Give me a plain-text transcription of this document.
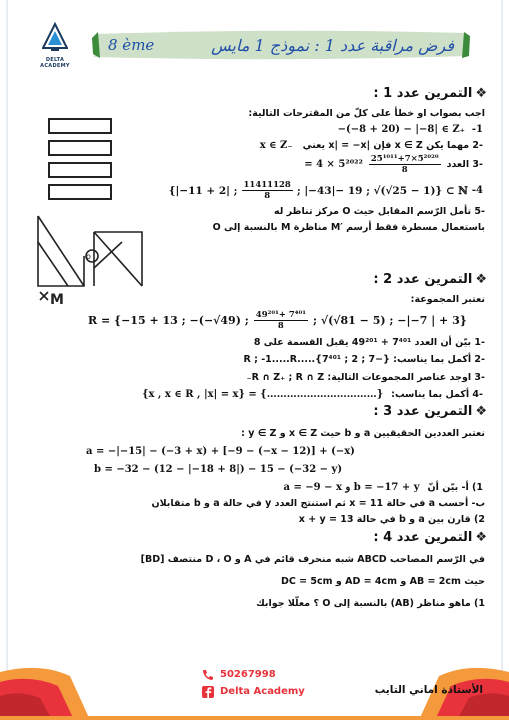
DELTA ACADEMY
8 ème	فرض مراقبة عدد 1 : نموذج 1 مايس
❖التمرين عدد 1 :
اجب بصواب او خطأ على كلّ من المقترحات التالية:
−(−8 + 20) − |−8| ∈ Z₊ -1
x ∈ Z₋ -2 مهما يكن x ∈ Z فإن |x| = −x يعني
= 4 × 5²⁰²² 25¹⁰¹¹+7×5²⁰²⁰
8	-3 العدد
{|−11 + 2| ; 11411128
8	; |−43|− 19 ; √(√25 − 1)} ⊂ ℕ -4
-5 تأمل الرّسم المقابل حيث O مركز تناظر له
باستعمال مسطرة فقط أرسم ′M مناظرة M بالنسبة إلى O
o
M
❖التمرين عدد 2 :
نعتبر المجموعة:
R = {−15 + 13 ; −(−√49) ; 49²⁰¹+ 7⁴⁰¹
8	; √(√81 − 5) ; −|−7 | + 3}
-1 بيّن أن العدد 7⁴⁰¹ + 49²⁰¹ يقبل القسمة على 8
-2 أكمل بما يناسب: {−7 ; 2 ; 7⁴⁰¹}.....R ; -1.....R
-3 اوجد عناصر المجموعات التالية: R ∩ Z₊ ; R ∩ Z₋
{x , x ∈ R , |x| = x} = {……………………………} -4 أكمل بما يناسب:
❖التمرين عدد 3 :
نعتبر العددين الحقيقيين a و b حيث x ∈ Z و y ∈ Z :
a = −|−15| − (−3 + x) + [−9 − (−x − 12)] + (−x)
b = −32 − (12 − |−18 + 8|) − 15 − (−32 − y)
a = −9 − x و b = −17 + y 1) أ- بيّن أنّ
ب- أحسب a في حالة x = 11 ثم استنتج العدد y في حالة a و b متقابلان
2) قارن بين a و b في حالة x + y = 13
❖التمرين عدد 4 :
في الرّسم المصاحب ABCD شبه منحرف قائم في A و D ، O منتصف [BD]
حيث AB = 2cm و AD = 4cm و DC = 5cm
1) ماهو مناظر (AB) بالنسبة إلى O ؟ معلّلا جوابك
50267998
Delta Academy	الأستاذة اماني التايب
